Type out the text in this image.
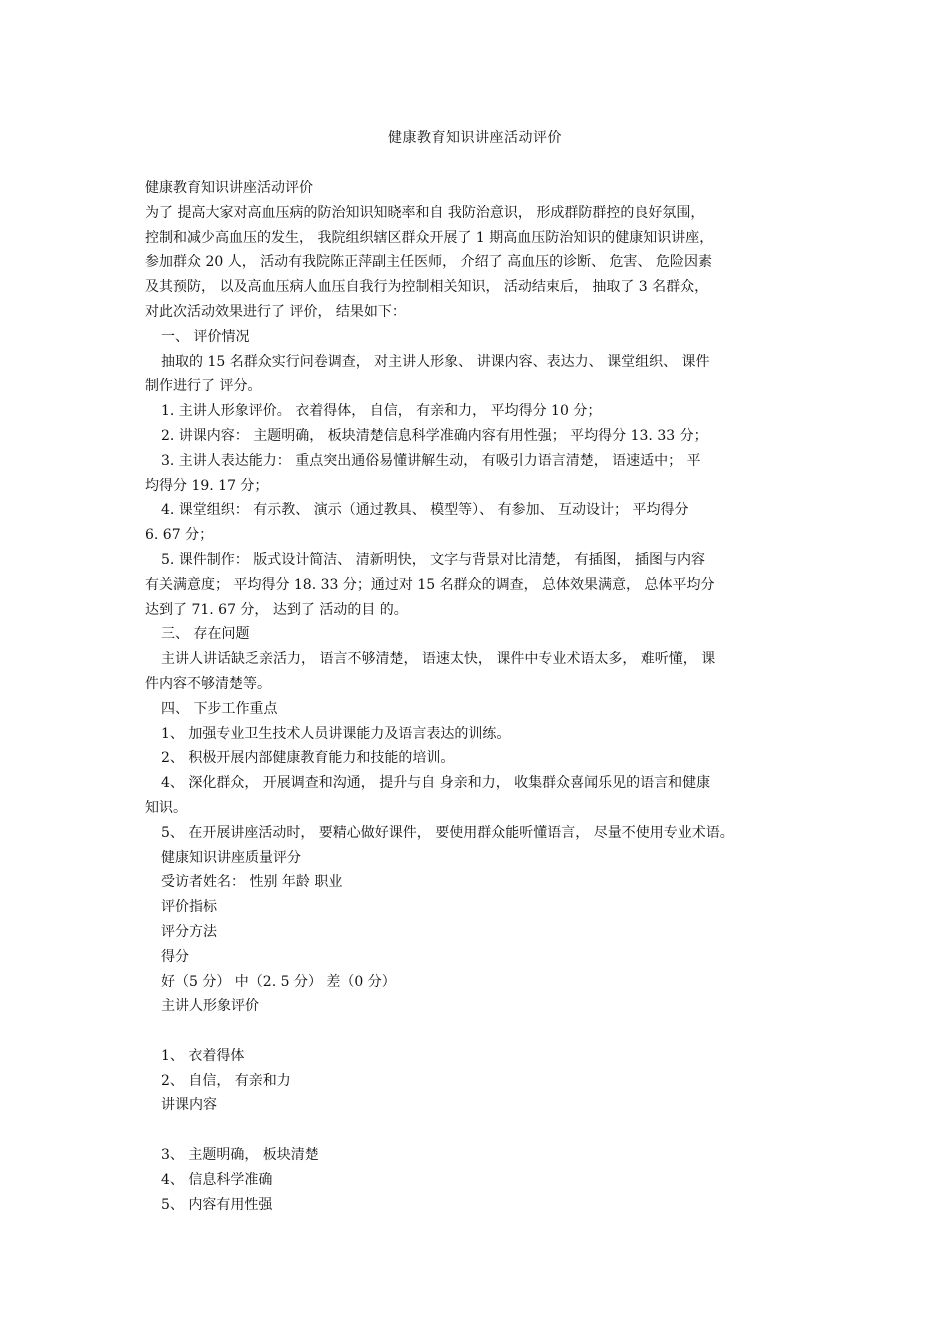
健康教育知识讲座活动评价
健康教育知识讲座活动评价
为了 提高大家对高血压病的防治知识知晓率和自 我防治意识， 形成群防群控的良好氛围，
控制和减少高血压的发生， 我院组织辖区群众开展了 1 期高血压防治知识的健康知识讲座，
参加群众 20 人， 活动有我院陈正萍副主任医师， 介绍了 高血压的诊断、 危害、 危险因素
及其预防， 以及高血压病人血压自我行为控制相关知识， 活动结束后， 抽取了 3 名群众，
对此次活动效果进行了 评价， 结果如下：
一、 评价情况
抽取的 15 名群众实行问卷调查， 对主讲人形象、 讲课内容、表达力、 课堂组织、 课件
制作进行了 评分。
1. 主讲人形象评价。 衣着得体， 自信， 有亲和力， 平均得分 10 分；
2. 讲课内容： 主题明确， 板块清楚信息科学准确内容有用性强； 平均得分 13. 33 分；
3. 主讲人表达能力： 重点突出通俗易懂讲解生动， 有吸引力语言清楚， 语速适中； 平
均得分 19. 17 分；
4. 课堂组织： 有示教、 演示（通过教具、 模型等）、 有参加、 互动设计； 平均得分
6. 67 分；
5. 课件制作： 版式设计简洁、 清新明快， 文字与背景对比清楚， 有插图， 插图与内容
有关满意度； 平均得分 18. 33 分；通过对 15 名群众的调查， 总体效果满意， 总体平均分
达到了 71. 67 分， 达到了 活动的目 的。
三、 存在问题
主讲人讲话缺乏亲活力， 语言不够清楚， 语速太快， 课件中专业术语太多， 难听懂， 课
件内容不够清楚等。
四、 下步工作重点
1、 加强专业卫生技术人员讲课能力及语言表达的训练。
2、 积极开展内部健康教育能力和技能的培训。
4、 深化群众， 开展调查和沟通， 提升与自 身亲和力， 收集群众喜闻乐见的语言和健康
知识。
5、 在开展讲座活动时， 要精心做好课件， 要使用群众能听懂语言， 尽量不使用专业术语。
健康知识讲座质量评分
受访者姓名： 性别 年龄 职业
评价指标
评分方法
得分
好（5 分） 中（2. 5 分） 差（0 分）
主讲人形象评价
1、 衣着得体
2、 自信， 有亲和力
讲课内容
3、 主题明确， 板块清楚
4、 信息科学准确
5、 内容有用性强
